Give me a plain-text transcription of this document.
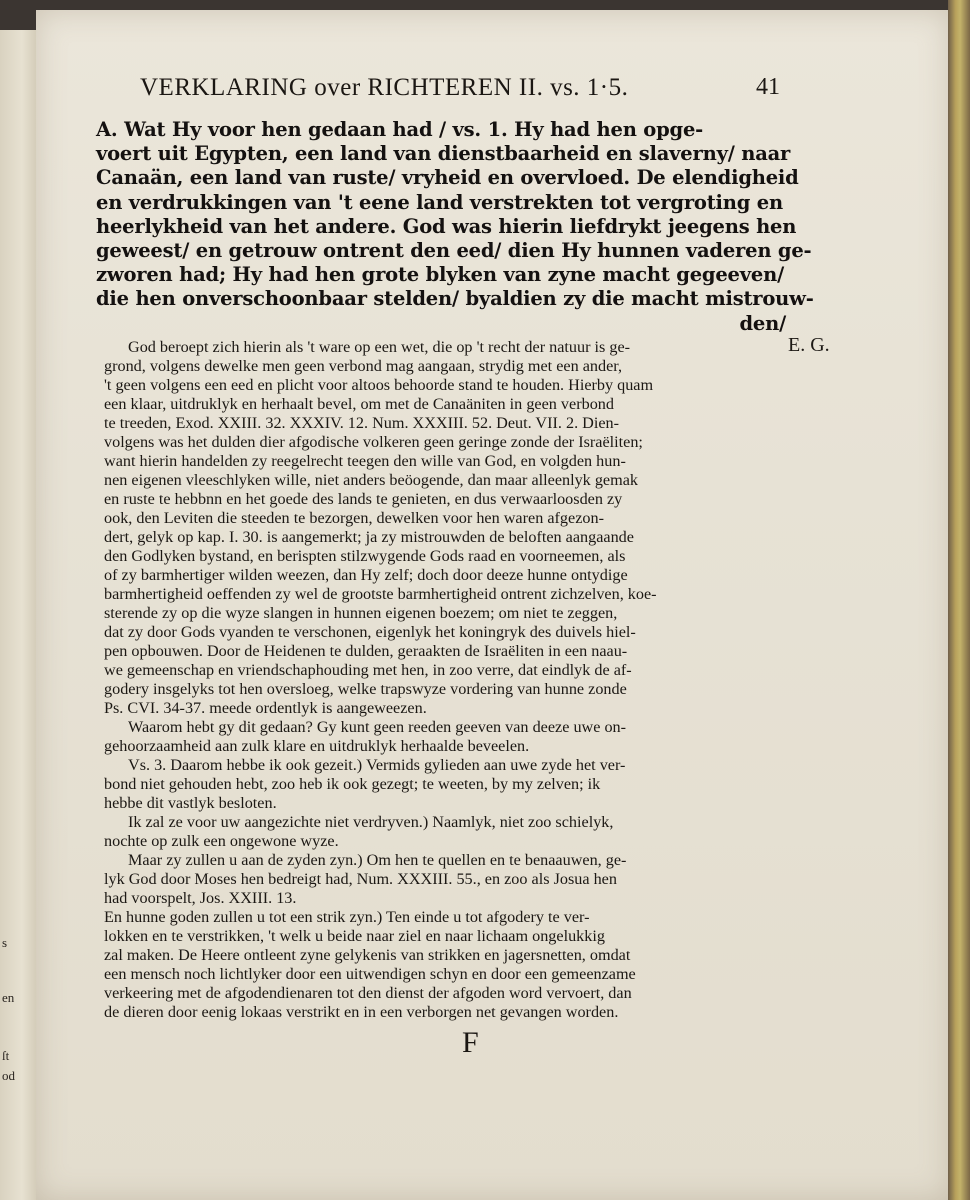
s
en
ſt
od
VERKLARING over RICHTEREN II. vs. 1·5.	41
A. Wat Hy voor hen gedaan had / vs. 1. Hy had hen opge-
voert uit Egypten, een land van dienstbaarheid en slaverny/ naar
Canaän, een land van ruste/ vryheid en overvloed. De elendigheid
en verdrukkingen van 't eene land verstrekten tot vergroting en
heerlykheid van het andere. God was hierin liefdrykt jeegens hen
geweest/ en getrouw ontrent den eed/ dien Hy hunnen vaderen ge-
zworen had; Hy had hen grote blyken van zyne macht gegeeven/
die hen onverschoonbaar stelden/ byaldien zy die macht mistrouw-
den/
E. G.
God beroept zich hierin als 't ware op een wet, die op 't recht der natuur is ge-
grond, volgens dewelke men geen verbond mag aangaan, strydig met een ander,
't geen volgens een eed en plicht voor altoos behoorde stand te houden. Hierby quam
een klaar, uitdruklyk en herhaalt bevel, om met de Canaäniten in geen verbond
te treeden, Exod. XXIII. 32. XXXIV. 12. Num. XXXIII. 52. Deut. VII. 2. Dien-
volgens was het dulden dier afgodische volkeren geen geringe zonde der Israëliten;
want hierin handelden zy reegelrecht teegen den wille van God, en volgden hun-
nen eigenen vleeschlyken wille, niet anders beöogende, dan maar alleenlyk gemak
en ruste te hebbnn en het goede des lands te genieten, en dus verwaarloosden zy
ook, den Leviten die steeden te bezorgen, dewelken voor hen waren afgezon-
dert, gelyk op kap. I. 30. is aangemerkt; ja zy mistrouwden de beloften aangaande
den Godlyken bystand, en berispten stilzwygende Gods raad en voorneemen, als
of zy barmhertiger wilden weezen, dan Hy zelf; doch door deeze hunne ontydige
barmhertigheid oeffenden zy wel de grootste barmhertigheid ontrent zichzelven, koe-
sterende zy op die wyze slangen in hunnen eigenen boezem; om niet te zeggen,
dat zy door Gods vyanden te verschonen, eigenlyk het koningryk des duivels hiel-
pen opbouwen. Door de Heidenen te dulden, geraakten de Israëliten in een naau-
we gemeenschap en vriendschaphouding met hen, in zoo verre, dat eindlyk de af-
godery insgelyks tot hen oversloeg, welke trapswyze vordering van hunne zonde
Ps. CVI. 34-37. meede ordentlyk is aangeweezen.
Waarom hebt gy dit gedaan? Gy kunt geen reeden geeven van deeze uwe on-
gehoorzaamheid aan zulk klare en uitdruklyk herhaalde beveelen.
Vs. 3. Daarom hebbe ik ook gezeit.) Vermids gylieden aan uwe zyde het ver-
bond niet gehouden hebt, zoo heb ik ook gezegt; te weeten, by my zelven; ik
hebbe dit vastlyk besloten.
Ik zal ze voor uw aangezichte niet verdryven.) Naamlyk, niet zoo schielyk,
nochte op zulk een ongewone wyze.
Maar zy zullen u aan de zyden zyn.) Om hen te quellen en te benaauwen, ge-
lyk God door Moses hen bedreigt had, Num. XXXIII. 55., en zoo als Josua hen
had voorspelt, Jos. XXIII. 13.
En hunne goden zullen u tot een strik zyn.) Ten einde u tot afgodery te ver-
lokken en te verstrikken, 't welk u beide naar ziel en naar lichaam ongelukkig
zal maken. De Heere ontleent zyne gelykenis van strikken en jagersnetten, omdat
een mensch noch lichtlyker door een uitwendigen schyn en door een gemeenzame
verkeering met de afgodendienaren tot den dienst der afgoden word vervoert, dan
de dieren door eenig lokaas verstrikt en in een verborgen net gevangen worden.
F
